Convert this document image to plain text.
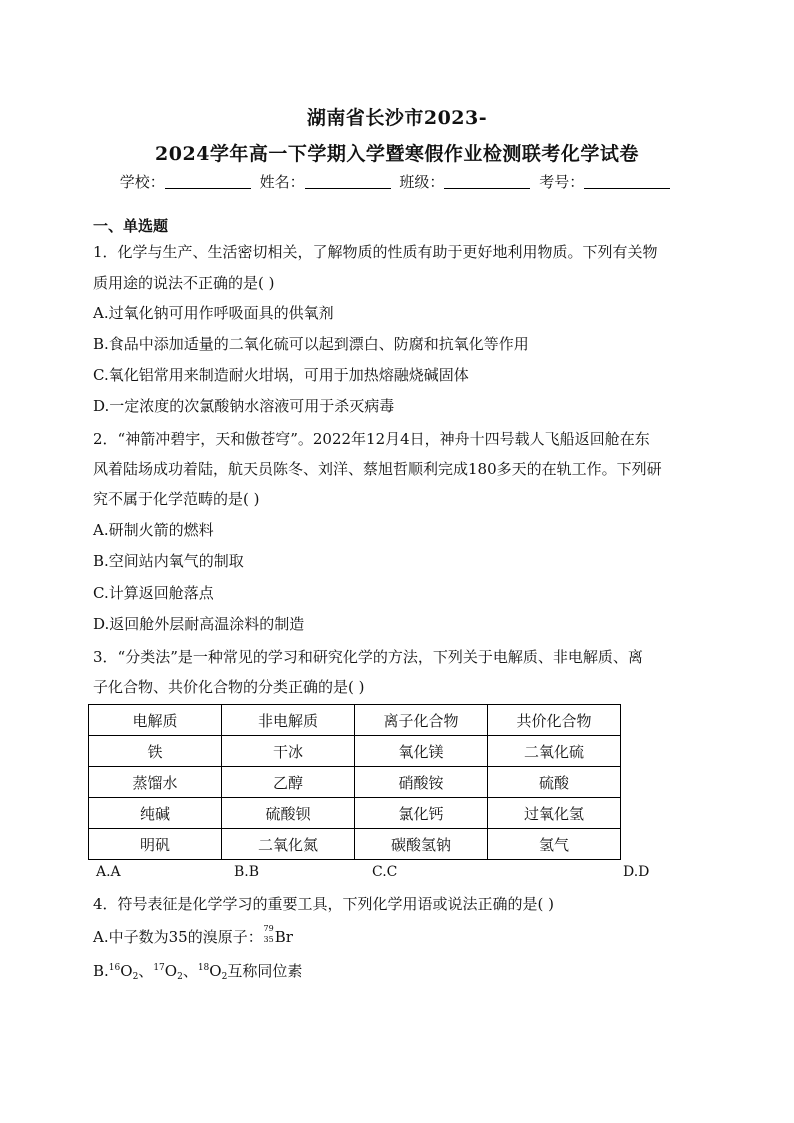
湖南省长沙市2023-
2024学年高一下学期入学暨寒假作业检测联考化学试卷
学校：	姓名：	班级：	考号：
一、单选题
1．化学与生产、生活密切相关，了解物质的性质有助于更好地利用物质。下列有关物
质用途的说法不正确的是( )
A.过氧化钠可用作呼吸面具的供氧剂
B.食品中添加适量的二氧化硫可以起到漂白、防腐和抗氧化等作用
C.氧化铝常用来制造耐火坩埚，可用于加热熔融烧碱固体
D.一定浓度的次氯酸钠水溶液可用于杀灭病毒
2．“神箭冲碧宇，天和傲苍穹”。2022年12月4日，神舟十四号载人飞船返回舱在东
风着陆场成功着陆，航天员陈冬、刘洋、蔡旭哲顺利完成180多天的在轨工作。下列研
究不属于化学范畴的是( )
A.研制火箭的燃料
B.空间站内氧气的制取
C.计算返回舱落点
D.返回舱外层耐高温涂料的制造
3．“分类法”是一种常见的学习和研究化学的方法，下列关于电解质、非电解质、离
子化合物、共价化合物的分类正确的是( )
电解质	非电解质	离子化合物	共价化合物
铁	干冰	氧化镁	二氧化硫
蒸馏水	乙醇	硝酸铵	硫酸
纯碱	硫酸钡	氯化钙	过氧化氢
明矾	二氧化氮	碳酸氢钠	氢气
A.A	B.B	C.C	D.D
4．符号表征是化学学习的重要工具，下列化学用语或说法正确的是( )
A.中子数为35的溴原子： 79
35 Br
$B.^{16}O_2$、$^{17}O_2$、$^{18}O_2$互称同位素
